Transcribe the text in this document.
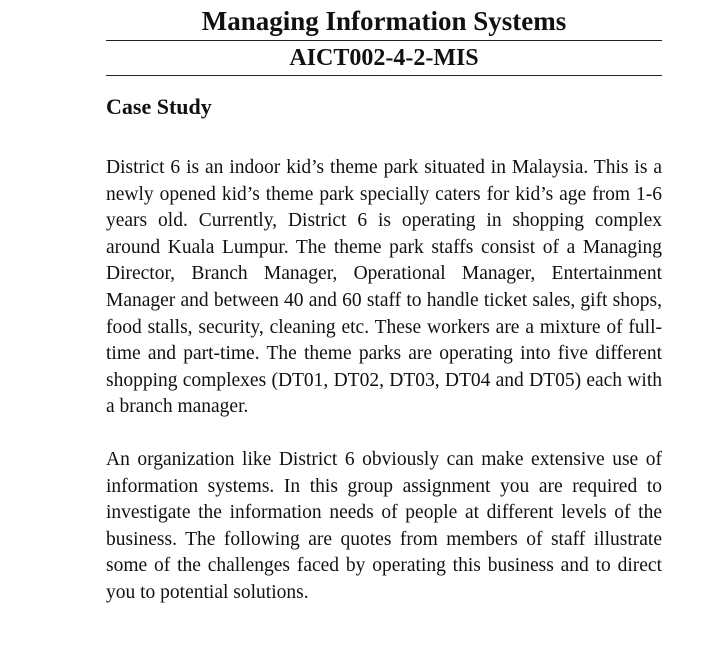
Managing Information Systems
AICT002-4-2-MIS
Case Study

District 6 is an indoor kid’s theme park situated in Malaysia. This is a newly opened kid’s theme park specially caters for kid’s age from 1-6 years old. Currently, District 6 is operating in shopping complex around Kuala Lumpur. The theme park staffs consist of a Managing Director, Branch Manager, Operational Manager, Entertainment Manager and between 40 and 60 staff to handle ticket sales, gift shops, food stalls, security, cleaning etc. These workers are a mixture of full-time and part-time. The theme parks are operating into five different shopping complexes (DT01, DT02, DT03, DT04 and DT05) each with a branch manager.

An organization like District 6 obviously can make extensive use of information systems. In this group assignment you are required to investigate the information needs of people at different levels of the business. The following are quotes from members of staff illustrate some of the challenges faced by operating this business and to direct you to potential solutions.
